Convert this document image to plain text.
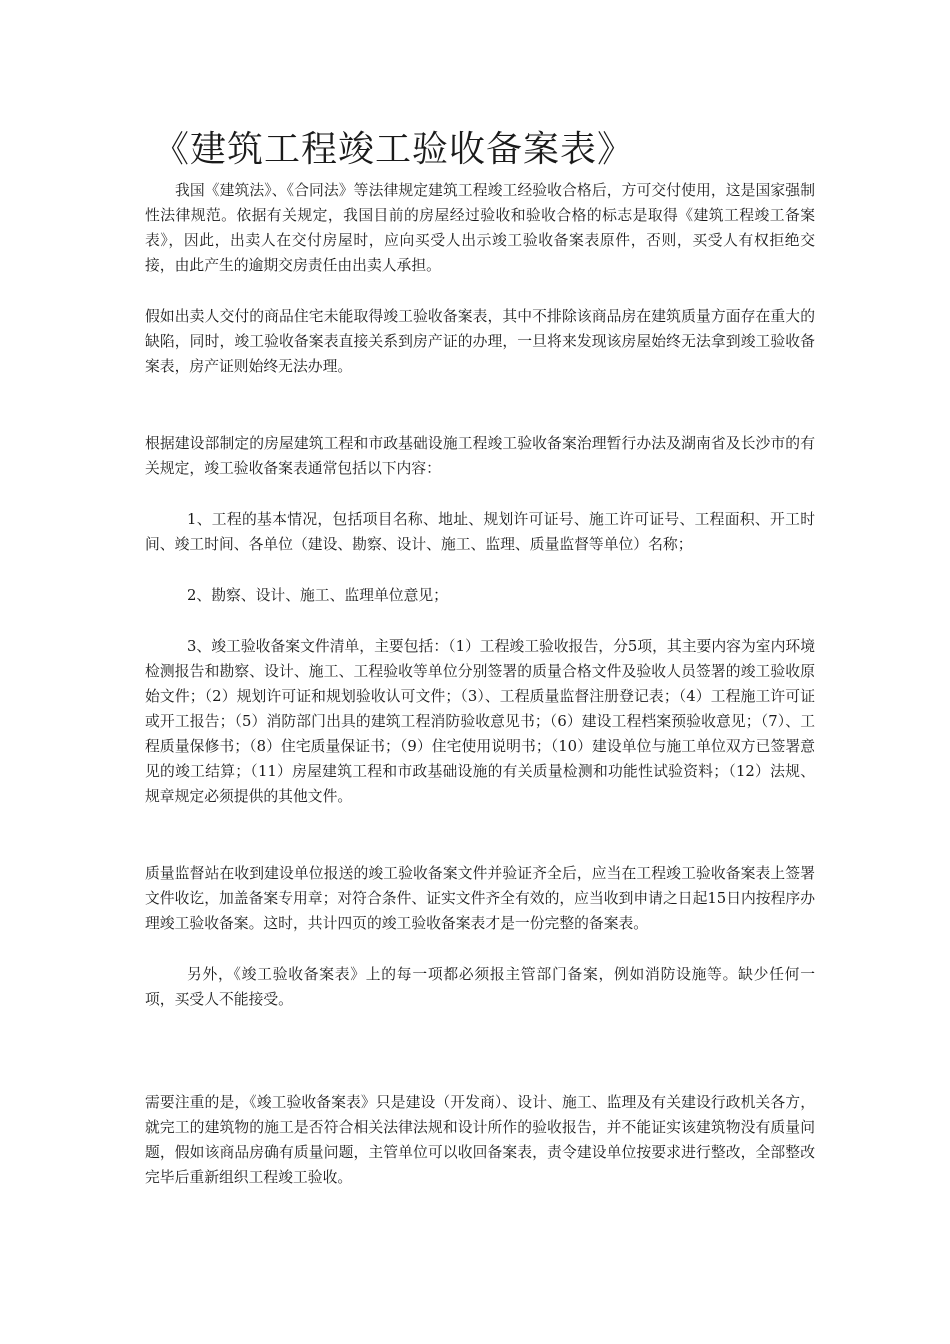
《建筑工程竣工验收备案表》

我国《建筑法》、《合同法》等法律规定建筑工程竣工经验收合格后，方可交付使用，这是国家强制性法律规范。依据有关规定，我国目前的房屋经过验收和验收合格的标志是取得《建筑工程竣工备案表》，因此，出卖人在交付房屋时，应向买受人出示竣工验收备案表原件，否则，买受人有权拒绝交接，由此产生的逾期交房责任由出卖人承担。

假如出卖人交付的商品住宅未能取得竣工验收备案表，其中不排除该商品房在建筑质量方面存在重大的缺陷，同时，竣工验收备案表直接关系到房产证的办理，一旦将来发现该房屋始终无法拿到竣工验收备案表，房产证则始终无法办理。

根据建设部制定的房屋建筑工程和市政基础设施工程竣工验收备案治理暂行办法及湖南省及长沙市的有关规定，竣工验收备案表通常包括以下内容：

1、工程的基本情况，包括项目名称、地址、规划许可证号、施工许可证号、工程面积、开工时间、竣工时间、各单位（建设、勘察、设计、施工、监理、质量监督等单位）名称；

2、勘察、设计、施工、监理单位意见；

3、竣工验收备案文件清单，主要包括：（1）工程竣工验收报告，分5项，其主要内容为室内环境检测报告和勘察、设计、施工、工程验收等单位分别签署的质量合格文件及验收人员签署的竣工验收原始文件；（2）规划许可证和规划验收认可文件；（3）、工程质量监督注册登记表；（4）工程施工许可证或开工报告；（5）消防部门出具的建筑工程消防验收意见书；（6）建设工程档案预验收意见；（7）、工程质量保修书；（8）住宅质量保证书；（9）住宅使用说明书；（10）建设单位与施工单位双方已签署意见的竣工结算；（11）房屋建筑工程和市政基础设施的有关质量检测和功能性试验资料；（12）法规、规章规定必须提供的其他文件。

质量监督站在收到建设单位报送的竣工验收备案文件并验证齐全后，应当在工程竣工验收备案表上签署文件收讫，加盖备案专用章；对符合条件、证实文件齐全有效的，应当收到申请之日起15日内按程序办理竣工验收备案。这时，共计四页的竣工验收备案表才是一份完整的备案表。

另外，《竣工验收备案表》上的每一项都必须报主管部门备案，例如消防设施等。缺少任何一项，买受人不能接受。

需要注重的是，《竣工验收备案表》只是建设（开发商）、设计、施工、监理及有关建设行政机关各方，就完工的建筑物的施工是否符合相关法律法规和设计所作的验收报告，并不能证实该建筑物没有质量问题，假如该商品房确有质量问题，主管单位可以收回备案表，责令建设单位按要求进行整改，全部整改完毕后重新组织工程竣工验收。
